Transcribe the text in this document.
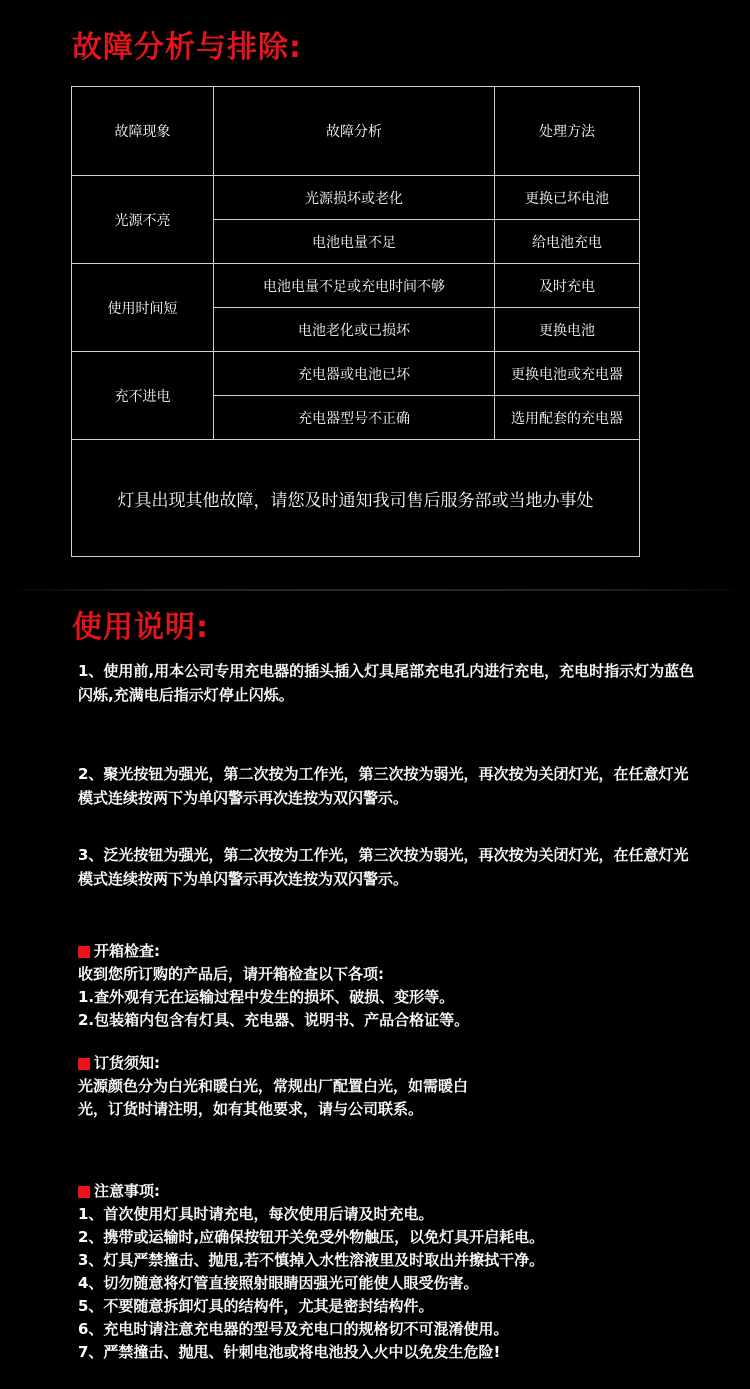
故障分析与排除:
故障现象	故障分析	处理方法
光源不亮	光源损坏或老化	更换已坏电池
	电池电量不足	给电池充电
使用时间短	电池电量不足或充电时间不够	及时充电
	电池老化或已损坏	更换电池
充不进电	充电器或电池已坏	更换电池或充电器
	充电器型号不正确	选用配套的充电器
灯具出现其他故障，请您及时通知我司售后服务部或当地办事处		
使用说明:

1、使用前,用本公司专用充电器的插头插入灯具尾部充电孔内进行充电，充电时指示灯为蓝色闪烁,充满电后指示灯停止闪烁。

2、聚光按钮为强光，第二次按为工作光，第三次按为弱光，再次按为关闭灯光，在任意灯光模式连续按两下为单闪警示再次连按为双闪警示。

3、泛光按钮为强光，第二次按为工作光，第三次按为弱光，再次按为关闭灯光，在任意灯光模式连续按两下为单闪警示再次连按为双闪警示。

开箱检查:
收到您所订购的产品后，请开箱检查以下各项:
1.查外观有无在运输过程中发生的损坏、破损、变形等。
2.包装箱内包含有灯具、充电器、说明书、产品合格证等。
订货须知:
光源颜色分为白光和暖白光，常规出厂配置白光，如需暖白
光，订货时请注明，如有其他要求，请与公司联系。
注意事项:
1、首次使用灯具时请充电，每次使用后请及时充电。
2、携带或运输时,应确保按钮开关免受外物触压，以免灯具开启耗电。
3、灯具严禁撞击、抛甩,若不慎掉入水性溶液里及时取出并擦拭干净。
4、切勿随意将灯管直接照射眼睛因强光可能使人眼受伤害。
5、不要随意拆卸灯具的结构件，尤其是密封结构件。
6、充电时请注意充电器的型号及充电口的规格切不可混淆使用。
7、严禁撞击、抛甩、针刺电池或将电池投入火中以免发生危险!
